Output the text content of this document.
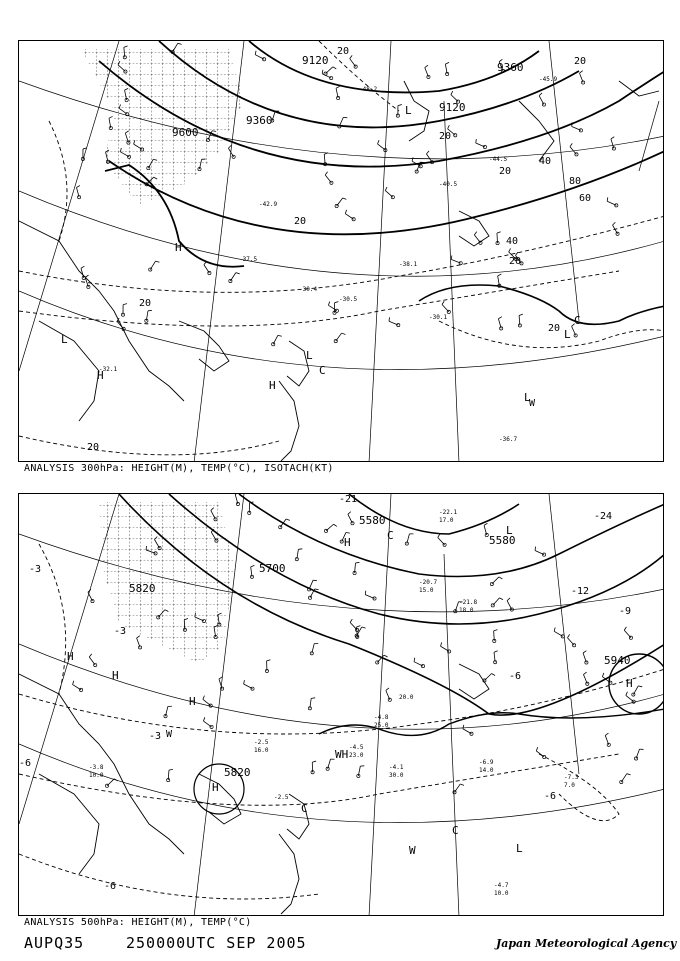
9120
9360
9600
9120
9360
20
20
20
20
40
60
80
40
20
20
20
20
20
H
L
L
L
C
C
H
H
L
L
W
-30.1
-30.5
-32.1
-30.4
-36.7
-44.5
-40.5
-42.9
-48.2
-38.1
-45.9
-37.5
ANALYSIS 300hPa: HEIGHT(M), TEMP(°C), ISOTACH(KT)
5580
5700
5820
5820
5940
5580
-3
-3
-6
-6
-6
-21
-24
-12
-9
-6
-3
H
H
H
H
W
WH
C
C
W	L
L
H
C
H
-4.7
-4.5
-2.5
-7.3
-3.8
-6.9
-20.7
-22.1
-21.8
-4.1
-4.8
-2.5
10.0
10.0
15.0
23.0
20.0
7.0
17.0
18.0
30.0
25.0
14.0
16.0
ANALYSIS 500hPa: HEIGHT(M), TEMP(°C)
AUPQ35	250000UTC SEP 2005	Japan Meteorological Agency
